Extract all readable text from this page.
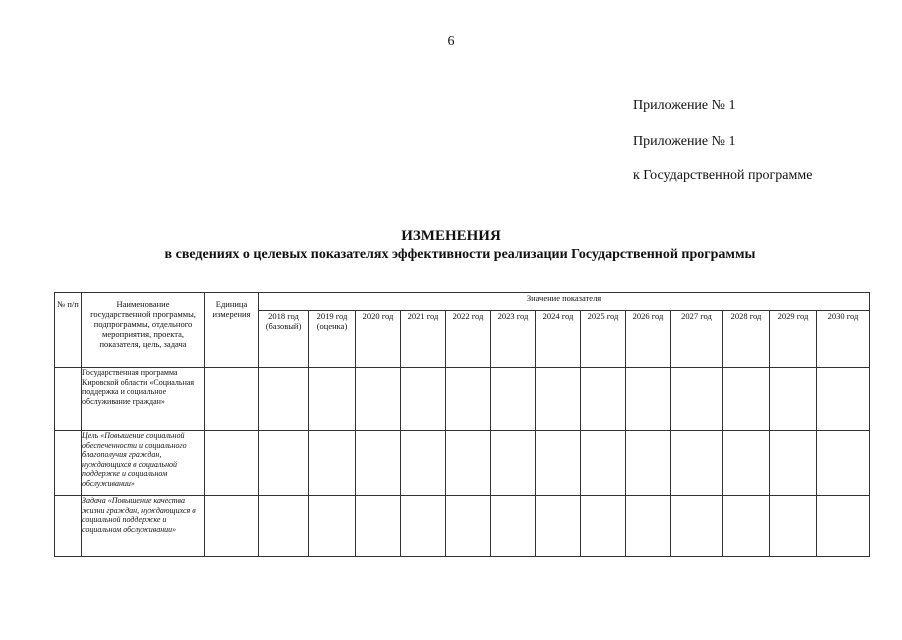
6
Приложение № 1
Приложение № 1
к Государственной программе
ИЗМЕНЕНИЯ
в сведениях о целевых показателях эффективности реализации Государственной программы
№ п/п	Наименование государственной программы, подпрограммы, отдельного мероприятия, проекта, показателя, цель, задача	Единица измерения	Значение показателя												
			2018 год (базовый)	2019 год (оценка)	2020 год	2021 год	2022 год	2023 год	2024 год	2025 год	2026 год	2027 год	2028 год	2029 год	2030 год
	Государственная программа Кировской области «Социальная поддержка и социальное обслуживание граждан»														
	Цель «Повышение социальной обеспеченности и социального благополучия граждан, нуждающихся в социальной поддержке и социальном обслуживании»														
	Задача «Повышение качества жизни граждан, нуждающихся в социальной поддержке и социальном обслуживании»														
